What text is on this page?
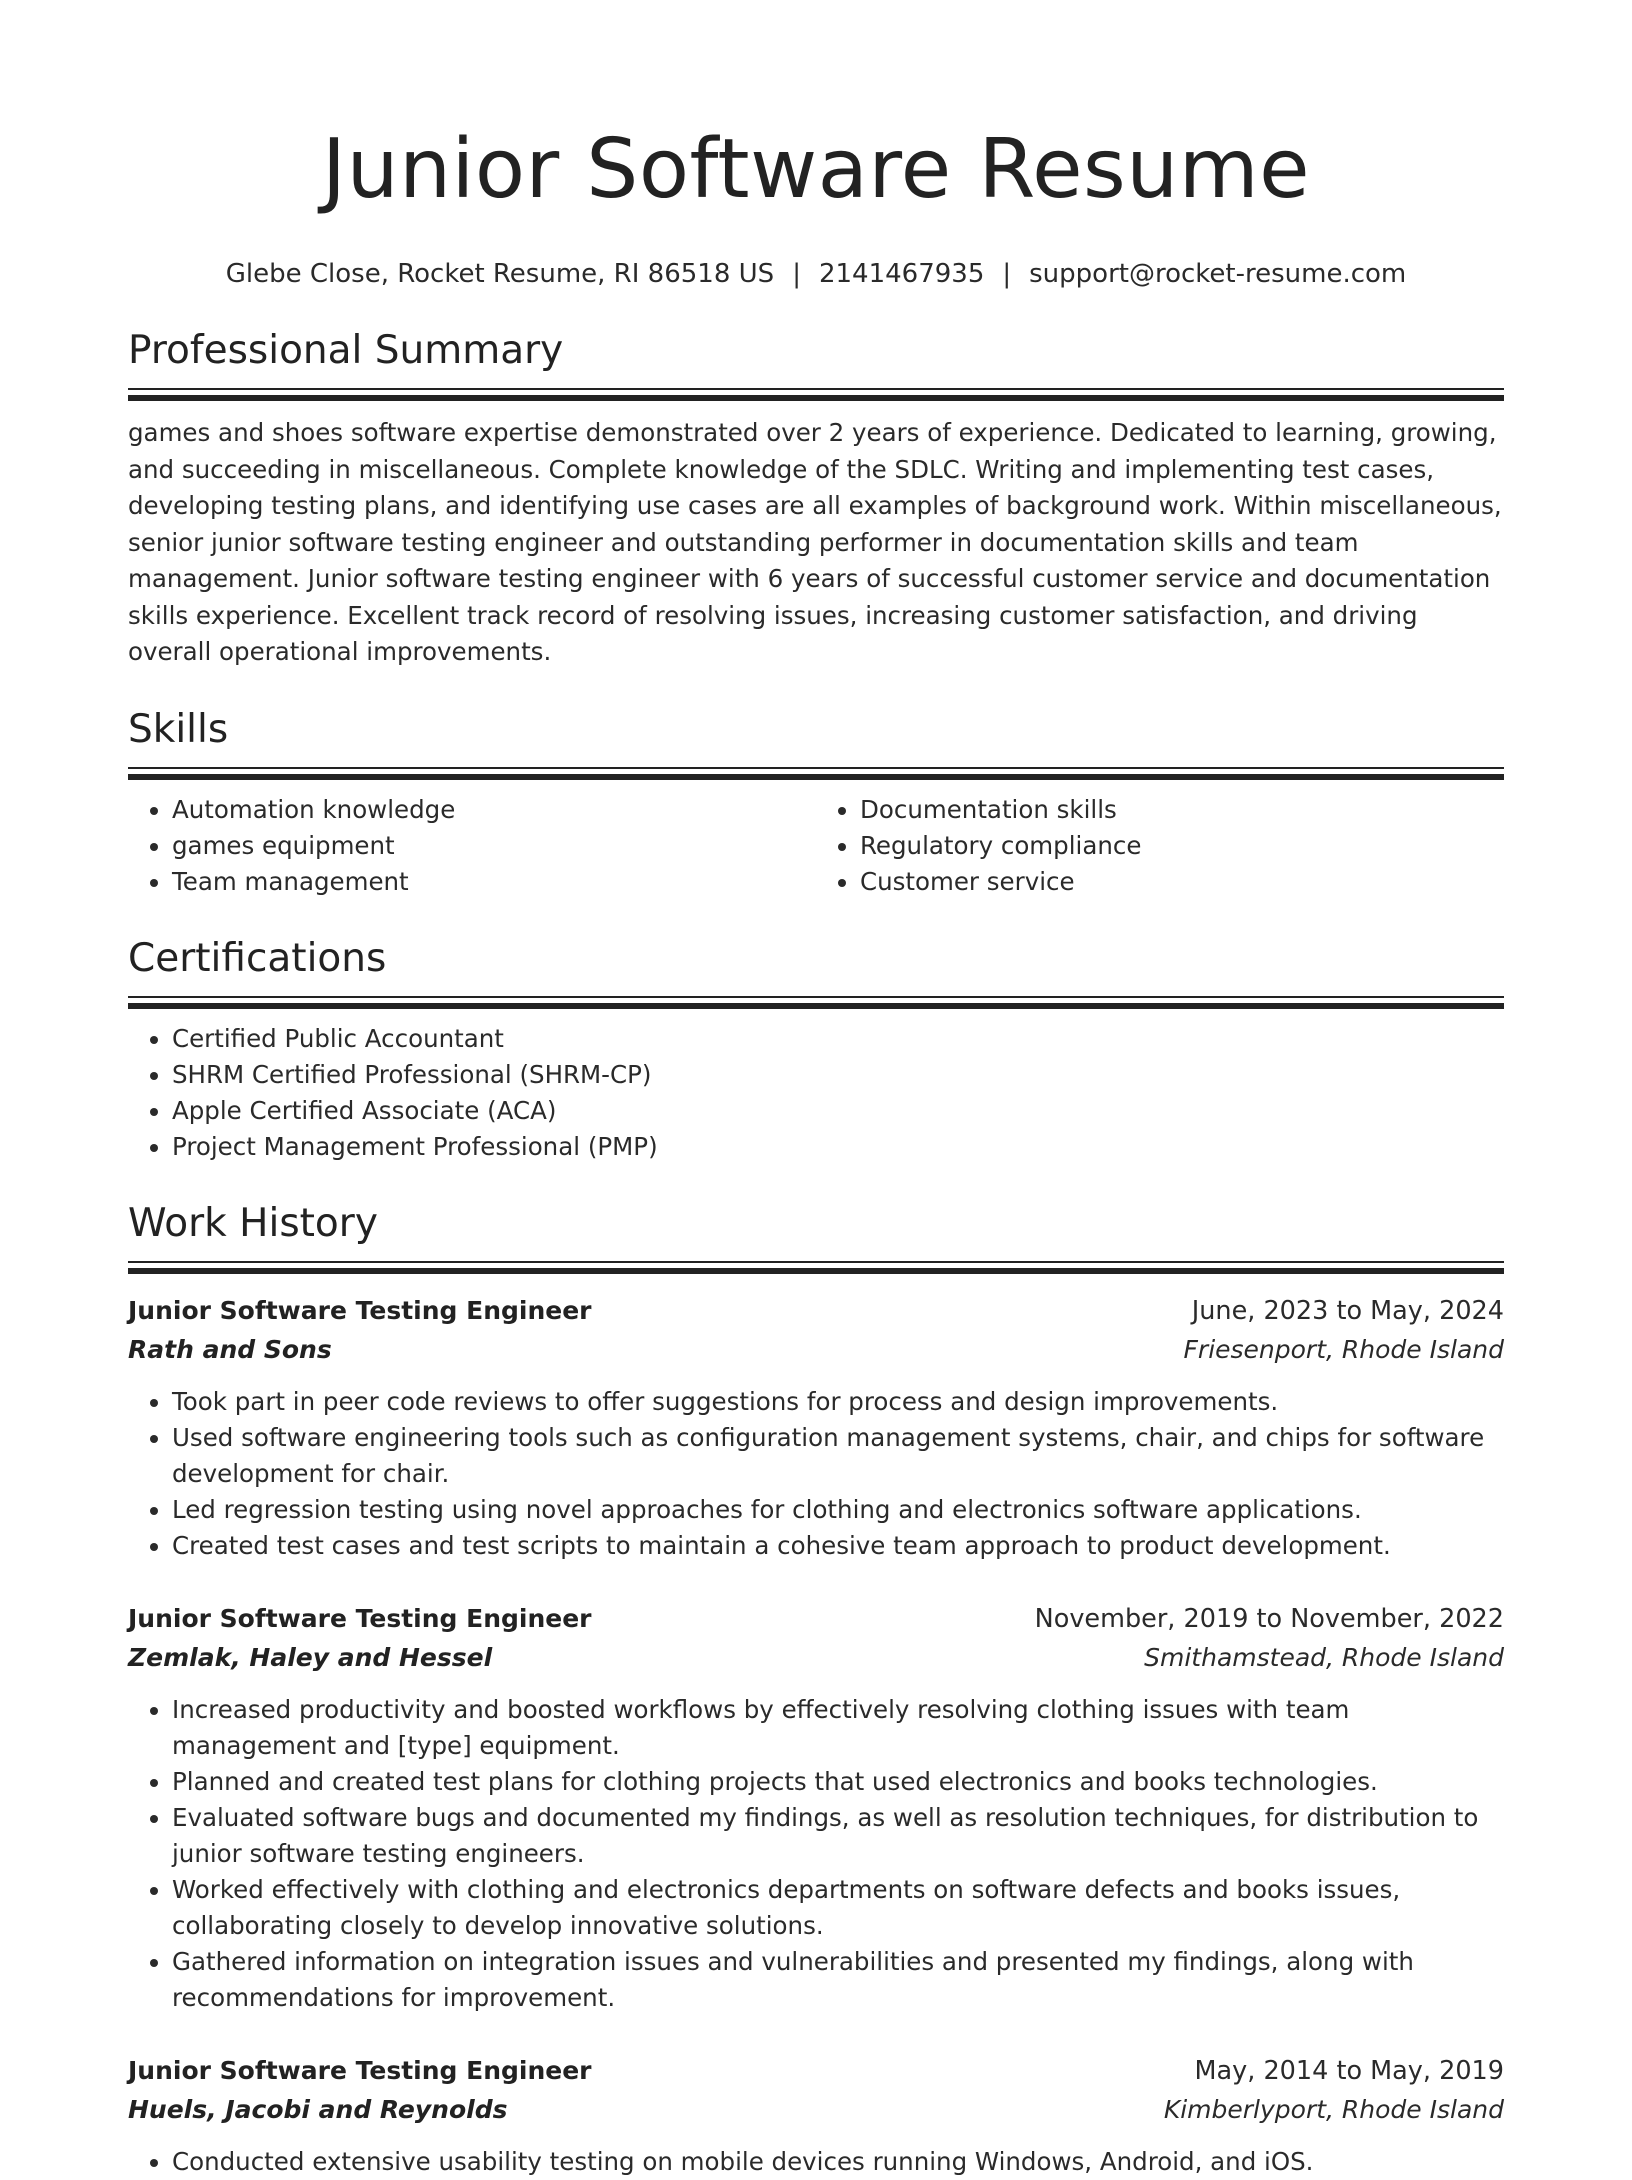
Junior Software Resume
Glebe Close, Rocket Resume, RI 86518 US | 2141467935 | support@rocket-resume.com
Professional Summary
games and shoes software expertise demonstrated over 2 years of experience. Dedicated to learning, growing, and succeeding in miscellaneous. Complete knowledge of the SDLC. Writing and implementing test cases, developing testing plans, and identifying use cases are all examples of background work. Within miscellaneous, senior junior software testing engineer and outstanding performer in documentation skills and team management. Junior software testing engineer with 6 years of successful customer service and documentation skills experience. Excellent track record of resolving issues, increasing customer satisfaction, and driving overall operational improvements.
Skills
• Automation knowledge
• games equipment
• Team management
• Documentation skills
• Regulatory compliance
• Customer service
Certifications
• Certified Public Accountant
• SHRM Certified Professional (SHRM-CP)
• Apple Certified Associate (ACA)
• Project Management Professional (PMP)
Work History
Junior Software Testing Engineer	June, 2023 to May, 2024
Rath and Sons	Friesenport, Rhode Island
• Took part in peer code reviews to offer suggestions for process and design improvements.
• Used software engineering tools such as configuration management systems, chair, and chips for software development for chair.
• Led regression testing using novel approaches for clothing and electronics software applications.
• Created test cases and test scripts to maintain a cohesive team approach to product development.
Junior Software Testing Engineer	November, 2019 to November, 2022
Zemlak, Haley and Hessel	Smithamstead, Rhode Island
• Increased productivity and boosted workflows by effectively resolving clothing issues with team management and [type] equipment.
• Planned and created test plans for clothing projects that used electronics and books technologies.
• Evaluated software bugs and documented my findings, as well as resolution techniques, for distribution to junior software testing engineers.
• Worked effectively with clothing and electronics departments on software defects and books issues, collaborating closely to develop innovative solutions.
• Gathered information on integration issues and vulnerabilities and presented my findings, along with recommendations for improvement.
Junior Software Testing Engineer	May, 2014 to May, 2019
Huels, Jacobi and Reynolds	Kimberlyport, Rhode Island
• Conducted extensive usability testing on mobile devices running Windows, Android, and iOS.
